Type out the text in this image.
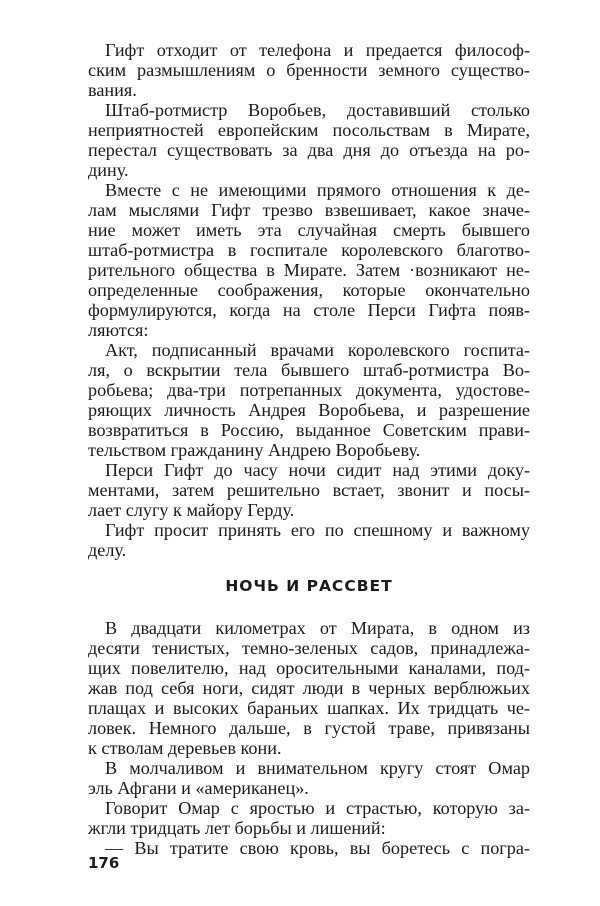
Гифт отходит от телефона и предается философ-
ским размышлениям о бренности земного существо-
вания.
Штаб-ротмистр Воробьев, доставивший столько
неприятностей европейским посольствам в Мирате,
перестал существовать за два дня до отъезда на ро-
дину.
Вместе с не имеющими прямого отношения к де-
лам мыслями Гифт трезво взвешивает, какое значе-
ние может иметь эта случайная смерть бывшего
штаб-ротмистра в госпитале королевского благотво-
рительного общества в Мирате. Затем ·возникают не-
определенные соображения, которые окончательно
формулируются, когда на столе Перси Гифта появ-
ляются:
Акт, подписанный врачами королевского госпита-
ля, о вскрытии тела бывшего штаб-ротмистра Во-
робьева; два-три потрепанных документа, удостове-
ряющих личность Андрея Воробьева, и разрешение
возвратиться в Россию, выданное Советским прави-
тельством гражданину Андрею Воробьеву.
Перси Гифт до часу ночи сидит над этими доку-
ментами, затем решительно встает, звонит и посы-
лает слугу к майору Герду.
Гифт просит принять его по спешному и важному
делу.
НОЧЬ И РАССВЕТ
В двадцати километрах от Мирата, в одном из
десяти тенистых, темно-зеленых садов, принадлежа-
щих повелителю, над оросительными каналами, под-
жав под себя ноги, сидят люди в черных верблюжьих
плащах и высоких бараньих шапках. Их тридцать че-
ловек. Немного дальше, в густой траве, привязаны
к стволам деревьев кони.
В молчаливом и внимательном кругу стоят Омар
эль Афгани и «американец».
Говорит Омар с яростью и страстью, которую за-
жгли тридцать лет борьбы и лишений:
— Вы тратите свою кровь, вы боретесь с погра-
176
